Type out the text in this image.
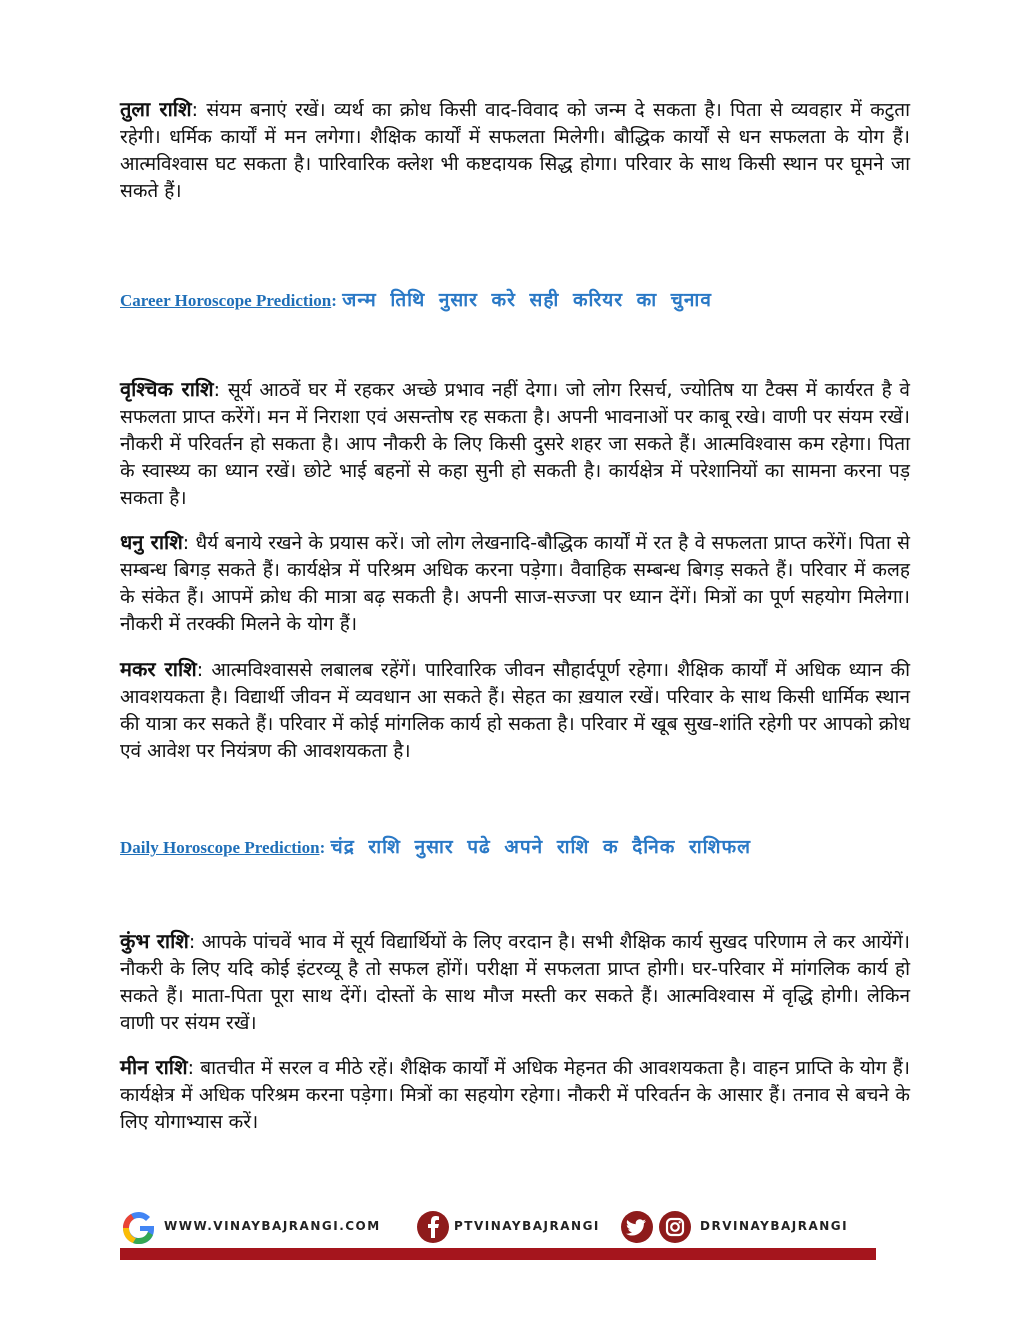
तुला राशि: संयम बनाएं रखें। व्यर्थ का क्रोध किसी वाद-विवाद को जन्म दे सकता है। पिता से व्यवहार में कटुता रहेगी। धर्मिक कार्यों में मन लगेगा। शैक्षिक कार्यों में सफलता मिलेगी। बौद्धिक कार्यों से धन सफलता के योग हैं। आत्मविश्वास घट सकता है। पारिवारिक क्लेश भी कष्टदायक सिद्ध होगा। परिवार के साथ किसी स्थान पर घूमने जा सकते हैं।

Career Horoscope Prediction: जन्म तिथि नुसार करे सही करियर का चुनाव

वृश्चिक राशि: सूर्य आठवें घर में रहकर अच्छे प्रभाव नहीं देगा। जो लोग रिसर्च, ज्योतिष या टैक्स में कार्यरत है वे सफलता प्राप्त करेंगें। मन में निराशा एवं असन्तोष रह सकता है। अपनी भावनाओं पर काबू रखे। वाणी पर संयम रखें। नौकरी में परिवर्तन हो सकता है। आप नौकरी के लिए किसी दुसरे शहर जा सकते हैं। आत्मविश्वास कम रहेगा। पिता के स्वास्थ्य का ध्यान रखें। छोटे भाई बहनों से कहा सुनी हो सकती है। कार्यक्षेत्र में परेशानियों का सामना करना पड़ सकता है।

धनु राशि: धैर्य बनाये रखने के प्रयास करें। जो लोग लेखनादि-बौद्धिक कार्यों में रत है वे सफलता प्राप्त करेंगें। पिता से सम्बन्ध बिगड़ सकते हैं। कार्यक्षेत्र में परिश्रम अधिक करना पड़ेगा। वैवाहिक सम्बन्ध बिगड़ सकते हैं। परिवार में कलह के संकेत हैं। आपमें क्रोध की मात्रा बढ़ सकती है। अपनी साज-सज्जा पर ध्यान देंगें। मित्रों का पूर्ण सहयोग मिलेगा। नौकरी में तरक्की मिलने के योग हैं।

मकर राशि: आत्मविश्वाससे लबालब रहेंगें। पारिवारिक जीवन सौहार्दपूर्ण रहेगा। शैक्षिक कार्यों में अधिक ध्यान की आवशयकता है। विद्यार्थी जीवन में व्यवधान आ सकते हैं। सेहत का ख़याल रखें। परिवार के साथ किसी धार्मिक स्थान की यात्रा कर सकते हैं। परिवार में कोई मांगलिक कार्य हो सकता है। परिवार में खूब सुख-शांति रहेगी पर आपको क्रोध एवं आवेश पर नियंत्रण की आवशयकता है।

Daily Horoscope Prediction: चंद्र राशि नुसार पढे अपने राशि क दैनिक राशिफल

कुंभ राशि: आपके पांचवें भाव में सूर्य विद्यार्थियों के लिए वरदान है। सभी शैक्षिक कार्य सुखद परिणाम ले कर आयेंगें। नौकरी के लिए यदि कोई इंटरव्यू है तो सफल होंगें। परीक्षा में सफलता प्राप्त होगी। घर-परिवार में मांगलिक कार्य हो सकते हैं। माता-पिता पूरा साथ देंगें। दोस्तों के साथ मौज मस्ती कर सकते हैं। आत्मविश्वास में वृद्धि होगी। लेकिन वाणी पर संयम रखें।

मीन राशि: बातचीत में सरल व मीठे रहें। शैक्षिक कार्यों में अधिक मेहनत की आवशयकता है। वाहन प्राप्ति के योग हैं। कार्यक्षेत्र में अधिक परिश्रम करना पड़ेगा। मित्रों का सहयोग रहेगा। नौकरी में परिवर्तन के आसार हैं। तनाव से बचने के लिए योगाभ्यास करें।

WWW.VINAYBAJRANGI.COM	PTVINAYBAJRANGI	DRVINAYBAJRANGI
